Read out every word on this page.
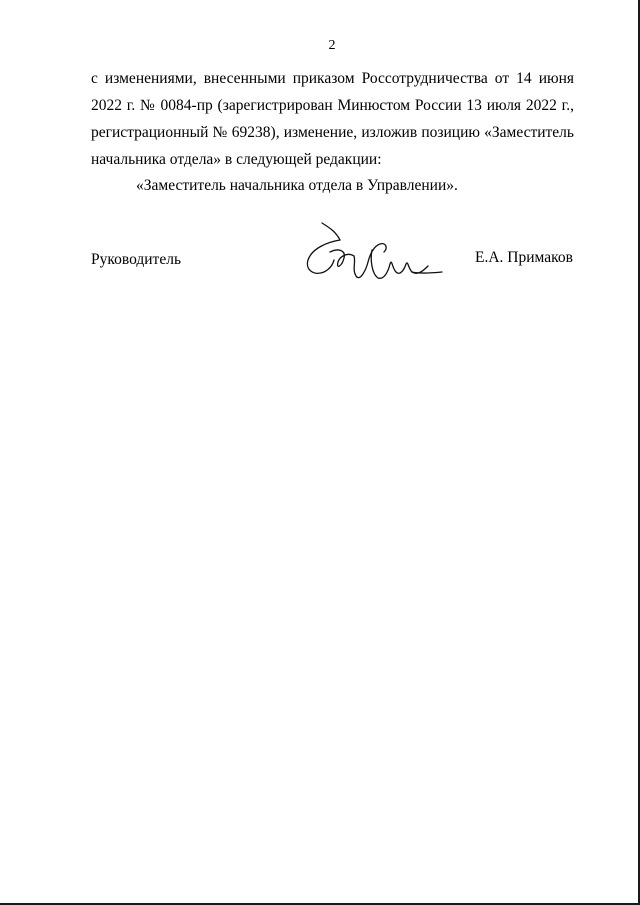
2

с изменениями, внесенными приказом Россотрудничества от 14 июня
2022 г. № 0084-пр (зарегистрирован Минюстом России 13 июля 2022 г.,
регистрационный № 69238), изменение, изложив позицию «Заместитель
начальника отдела» в следующей редакции:

«Заместитель начальника отдела в Управлении».
Руководитель	Е.А. Примаков
